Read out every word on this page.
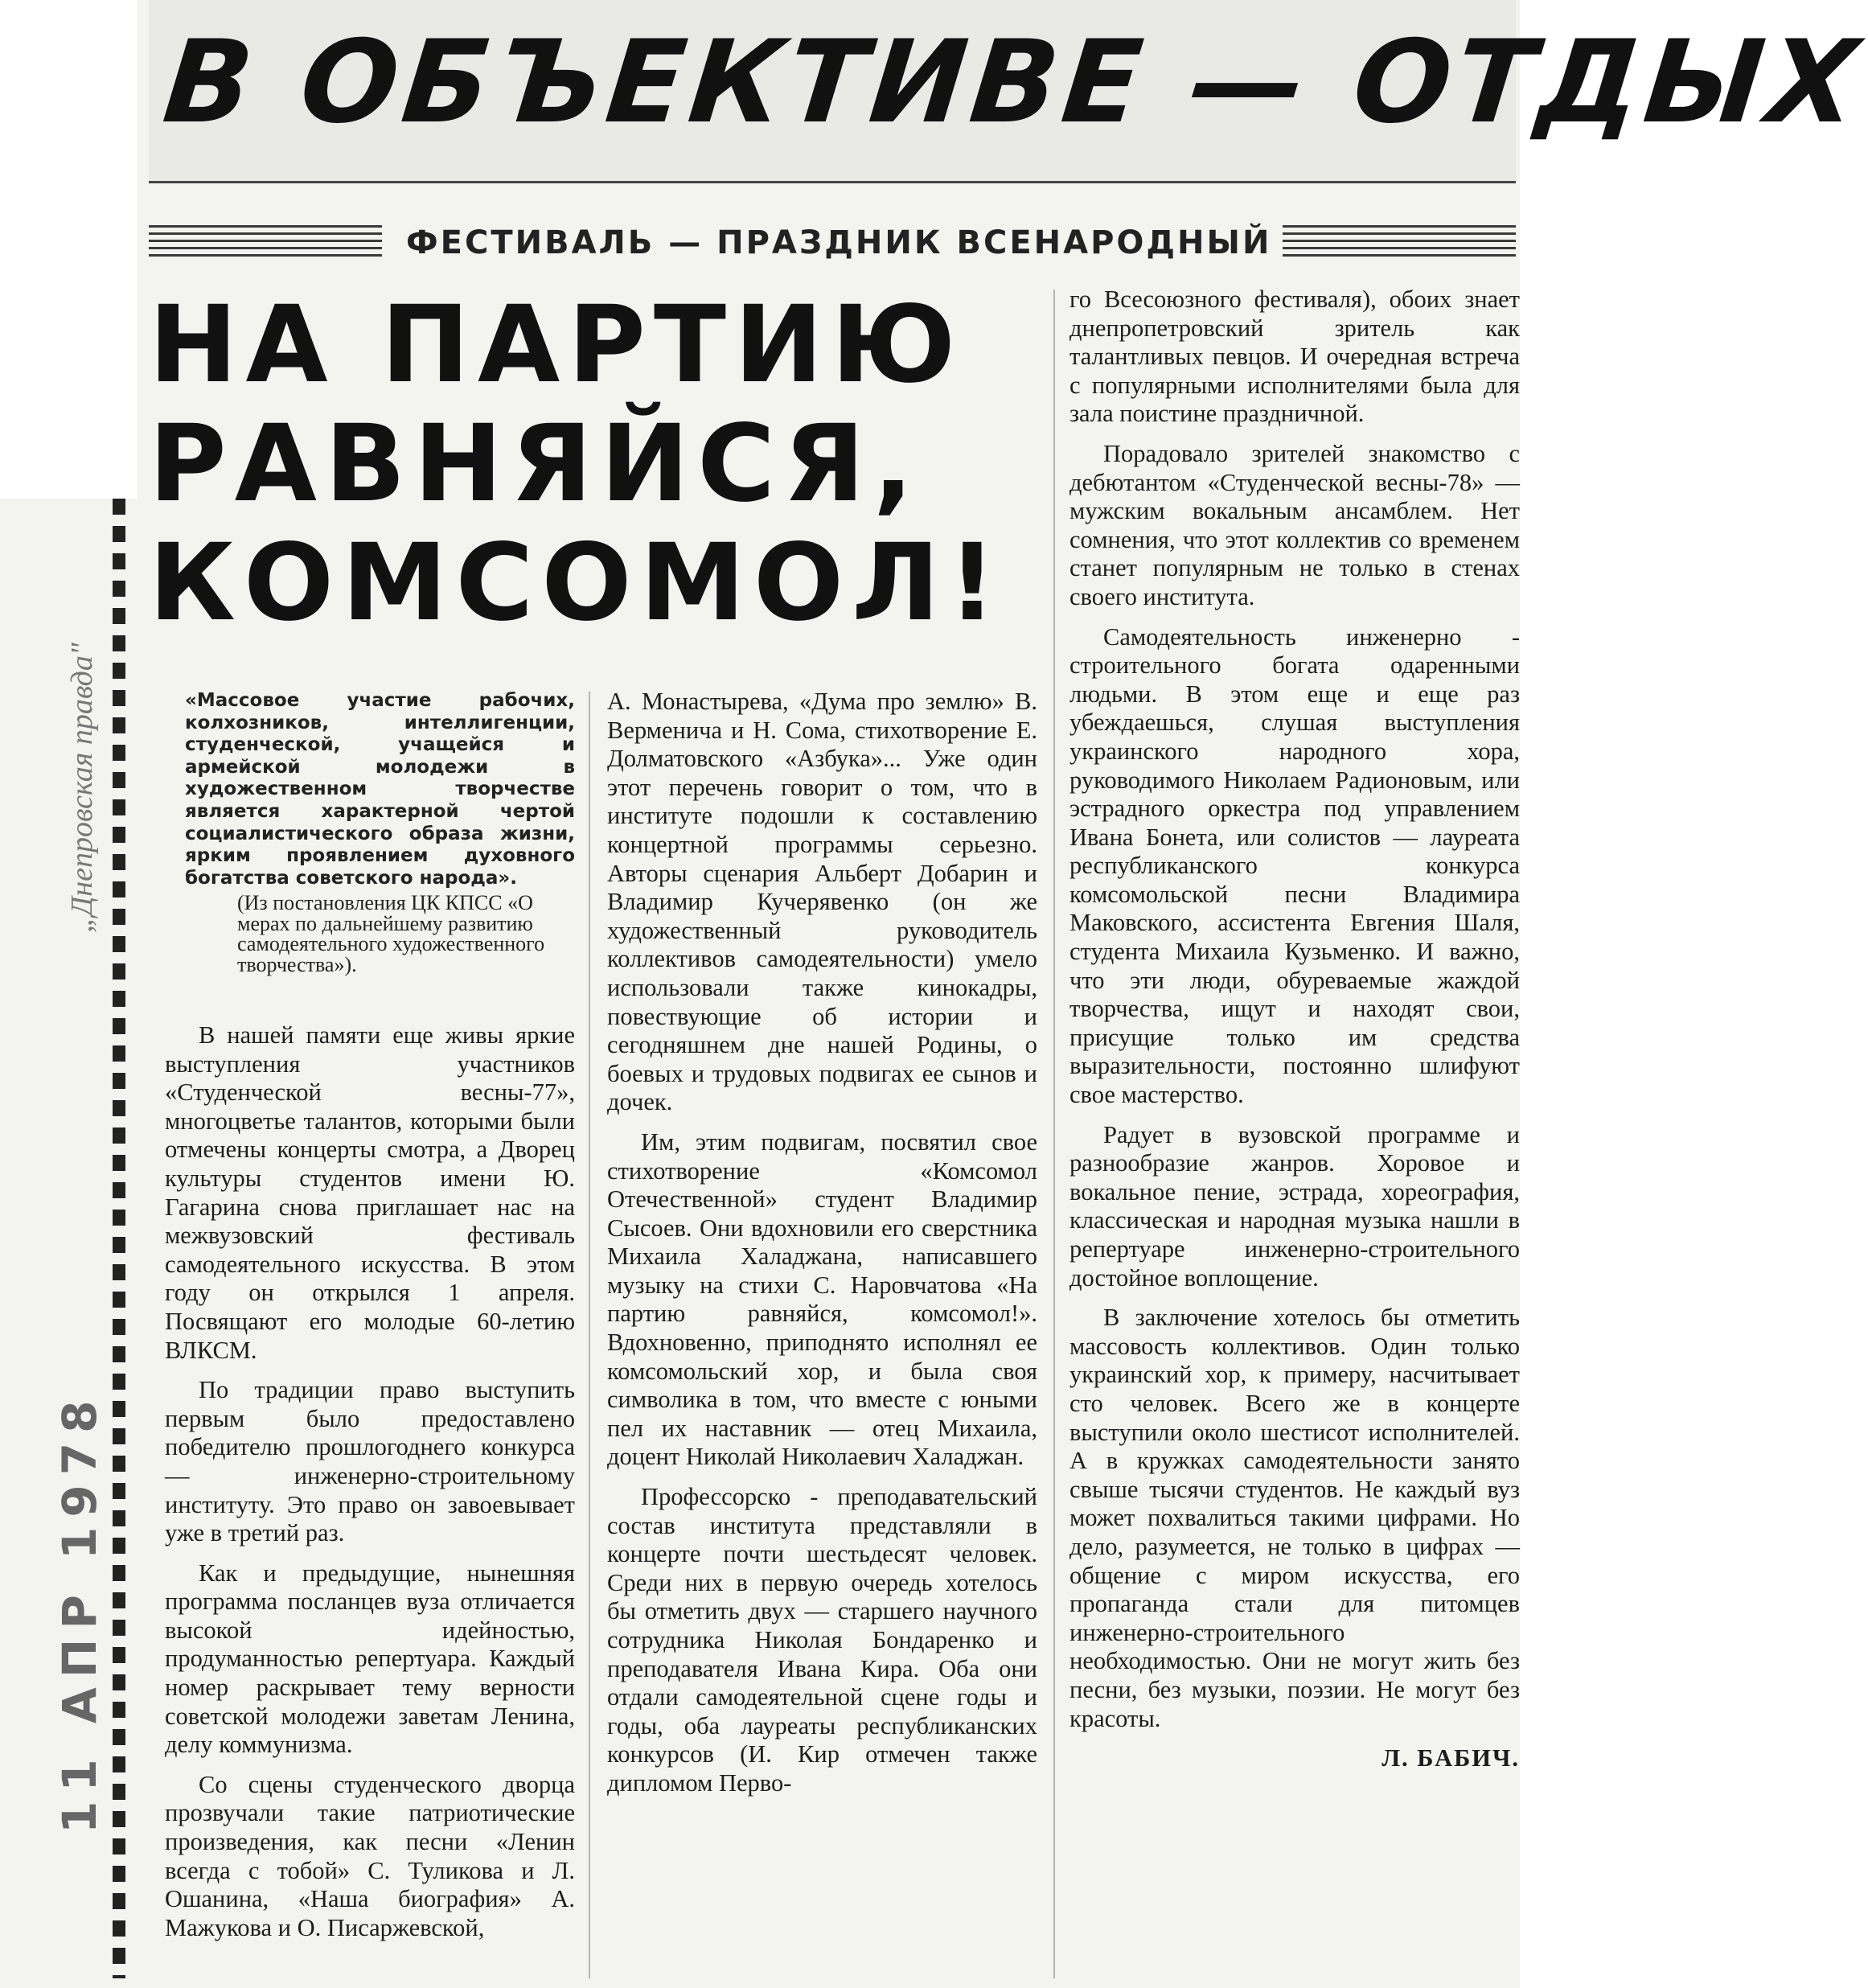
„Днепровская правда"
11 АПР 1978
В ОБЪЕКТИВЕ — ОТДЫХ
ФЕСТИВАЛЬ — ПРАЗДНИК ВСЕНАРОДНЫЙ
НА ПАРТИЮ
РАВНЯЙСЯ,
КОМСОМОЛ!
«Массовое участие рабочих, колхозников, интеллигенции, студенческой, учащейся и армейской молодежи в художественном творчестве является характерной чертой социалистического образа жизни, ярким проявлением духовного богатства советского народа».
(Из постановления ЦК КПСС «О мерах по дальнейшему развитию самодеятельного художественного творчества»).

В нашей памяти еще живы яркие выступления участников «Студенческой весны-77», многоцветье талантов, которыми были отмечены концерты смотра, а Дворец культуры студентов имени Ю. Гагарина снова приглашает нас на межвузовский фестиваль самодеятельного искусства. В этом году он открылся 1 апреля. Посвящают его молодые 60-летию ВЛКСМ.

По традиции право выступить первым было предоставлено победителю прошлогоднего конкурса — инженерно-строительному институту. Это право он завоевывает уже в третий раз.

Как и предыдущие, нынешняя программа посланцев вуза отличается высокой идейностью, продуманностью репертуара. Каждый номер раскрывает тему верности советской молодежи заветам Ленина, делу коммунизма.

Со сцены студенческого дворца прозвучали такие патриотические произведения, как песни «Ленин всегда с тобой» С. Туликова и Л. Ошанина, «Наша биография» А. Мажукова и О. Писаржевской,

А. Монастырева, «Дума про землю» В. Верменича и Н. Сома, стихотворение Е. Долматовского «Азбука»... Уже один этот перечень говорит о том, что в институте подошли к составлению концертной программы серьезно. Авторы сценария Альберт Добарин и Владимир Кучерявенко (он же художественный руководитель коллективов самодеятельности) умело использовали также кинокадры, повествующие об истории и сегодняшнем дне нашей Родины, о боевых и трудовых подвигах ее сынов и дочек.

Им, этим подвигам, посвятил свое стихотворение «Комсомол Отечественной» студент Владимир Сысоев. Они вдохновили его сверстника Михаила Халаджана, написавшего музыку на стихи С. Наровчатова «На партию равняйся, комсомол!». Вдохновенно, приподнято исполнял ее комсомольский хор, и была своя символика в том, что вместе с юными пел их наставник — отец Михаила, доцент Николай Николаевич Халаджан.

Профессорско - преподавательский состав института представляли в концерте почти шестьдесят человек. Среди них в первую очередь хотелось бы отметить двух — старшего научного сотрудника Николая Бондаренко и преподавателя Ивана Кира. Оба они отдали самодеятельной сцене годы и годы, оба лауреаты республиканских конкурсов (И. Кир отмечен также дипломом Перво-

го Всесоюзного фестиваля), обоих знает днепропетровский зритель как талантливых певцов. И очередная встреча с популярными исполнителями была для зала поистине праздничной.

Порадовало зрителей знакомство с дебютантом «Студенческой весны-78» — мужским вокальным ансамблем. Нет сомнения, что этот коллектив со временем станет популярным не только в стенах своего института.

Самодеятельность инженерно - строительного богата одаренными людьми. В этом еще и еще раз убеждаешься, слушая выступления украинского народного хора, руководимого Николаем Радионовым, или эстрадного оркестра под управлением Ивана Бонета, или солистов — лауреата республиканского конкурса комсомольской песни Владимира Маковского, ассистента Евгения Шаля, студента Михаила Кузьменко. И важно, что эти люди, обуреваемые жаждой творчества, ищут и находят свои, присущие только им средства выразительности, постоянно шлифуют свое мастерство.

Радует в вузовской программе и разнообразие жанров. Хоровое и вокальное пение, эстрада, хореография, классическая и народная музыка нашли в репертуаре инженерно-строительного достойное воплощение.

В заключение хотелось бы отметить массовость коллективов. Один только украинский хор, к примеру, насчитывает сто человек. Всего же в концерте выступили около шестисот исполнителей. А в кружках самодеятельности занято свыше тысячи студентов. Не каждый вуз может похвалиться такими цифрами. Но дело, разумеется, не только в цифрах — общение с миром искусства, его пропаганда стали для питомцев инженерно-строительного необходимостью. Они не могут жить без песни, без музыки, поэзии. Не могут без красоты.

Л. БАБИЧ.
